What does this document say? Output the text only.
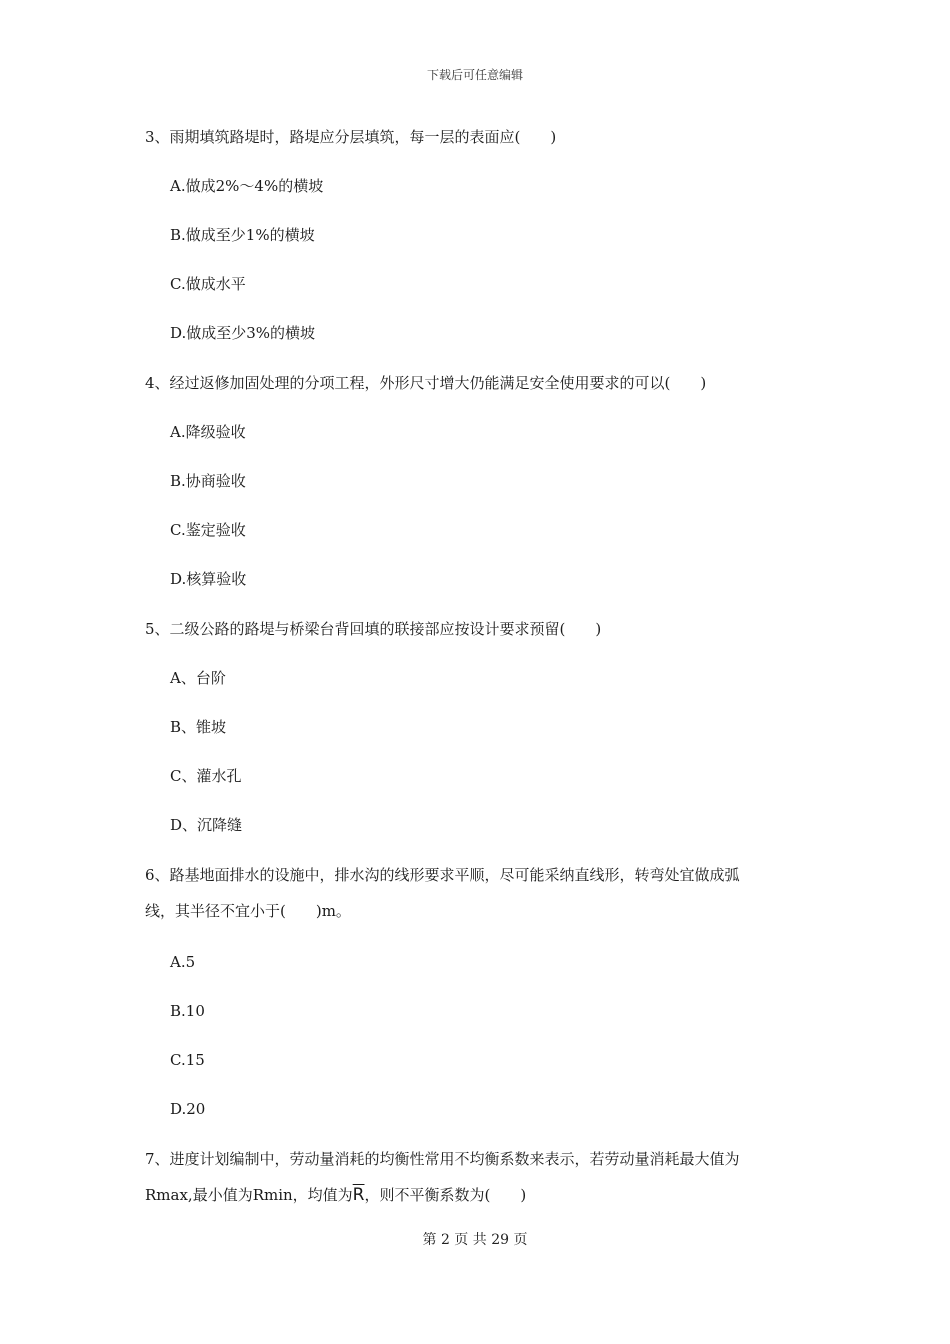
下载后可任意编辑
3、雨期填筑路堤时，路堤应分层填筑，每一层的表面应( )
A.做成2%～4%的横坡
B.做成至少1%的横坡
C.做成水平
D.做成至少3%的横坡
4、经过返修加固处理的分项工程，外形尺寸增大仍能满足安全使用要求的可以( )
A.降级验收
B.协商验收
C.鉴定验收
D.核算验收
5、二级公路的路堤与桥梁台背回填的联接部应按设计要求预留( )
A、台阶
B、锥坡
C、灌水孔
D、沉降缝
6、路基地面排水的设施中，排水沟的线形要求平顺，尽可能采纳直线形，转弯处宜做成弧
线，其半径不宜小于( )m。
A.5
B.10
C.15
D.20
7、进度计划编制中，劳动量消耗的均衡性常用不均衡系数来表示，若劳动量消耗最大值为
Rmax,最小值为Rmin，均值为$\overline{R}$，则不平衡系数为( )
第 2 页 共 29 页
